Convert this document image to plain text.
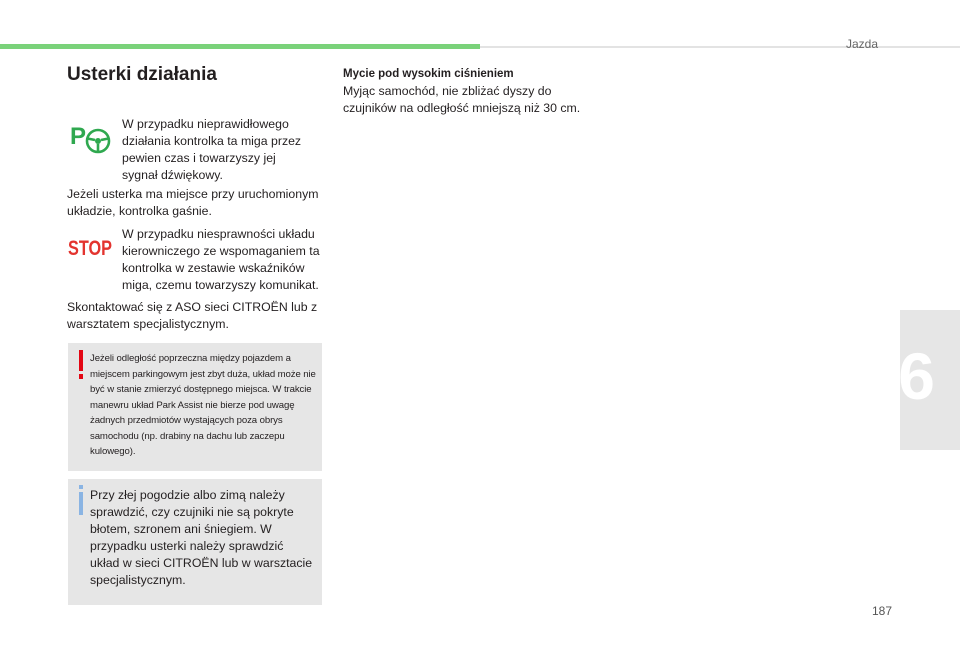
Jazda
6
Usterki działania
P	W przypadku nieprawidłowego działania kontrolka ta miga przez pewien czas i towarzyszy jej sygnał dźwiękowy.

Jeżeli usterka ma miejsce przy uruchomionym układzie, kontrolka gaśnie.

STOP

W przypadku niesprawności układu kierowniczego ze wspomaganiem ta kontrolka w zestawie wskaźników miga, czemu towarzyszy komunikat.

Skontaktować się z ASO sieci CITROËN lub z warsztatem specjalistycznym.

Jeżeli odległość poprzeczna między pojazdem a miejscem parkingowym jest zbyt duża, układ może nie być w stanie zmierzyć dostępnego miejsca. W trakcie manewru układ Park Assist nie bierze pod uwagę żadnych przedmiotów wystających poza obrys samochodu (np. drabiny na dachu lub zaczepu kulowego).
Przy złej pogodzie albo zimą należy sprawdzić, czy czujniki nie są pokryte błotem, szronem ani śniegiem. W przypadku usterki należy sprawdzić układ w sieci CITROËN lub w warsztacie specjalistycznym.
Mycie pod wysokim ciśnieniem

Myjąc samochód, nie zbliżać dyszy do czujników na odległość mniejszą niż 30 cm.

187
